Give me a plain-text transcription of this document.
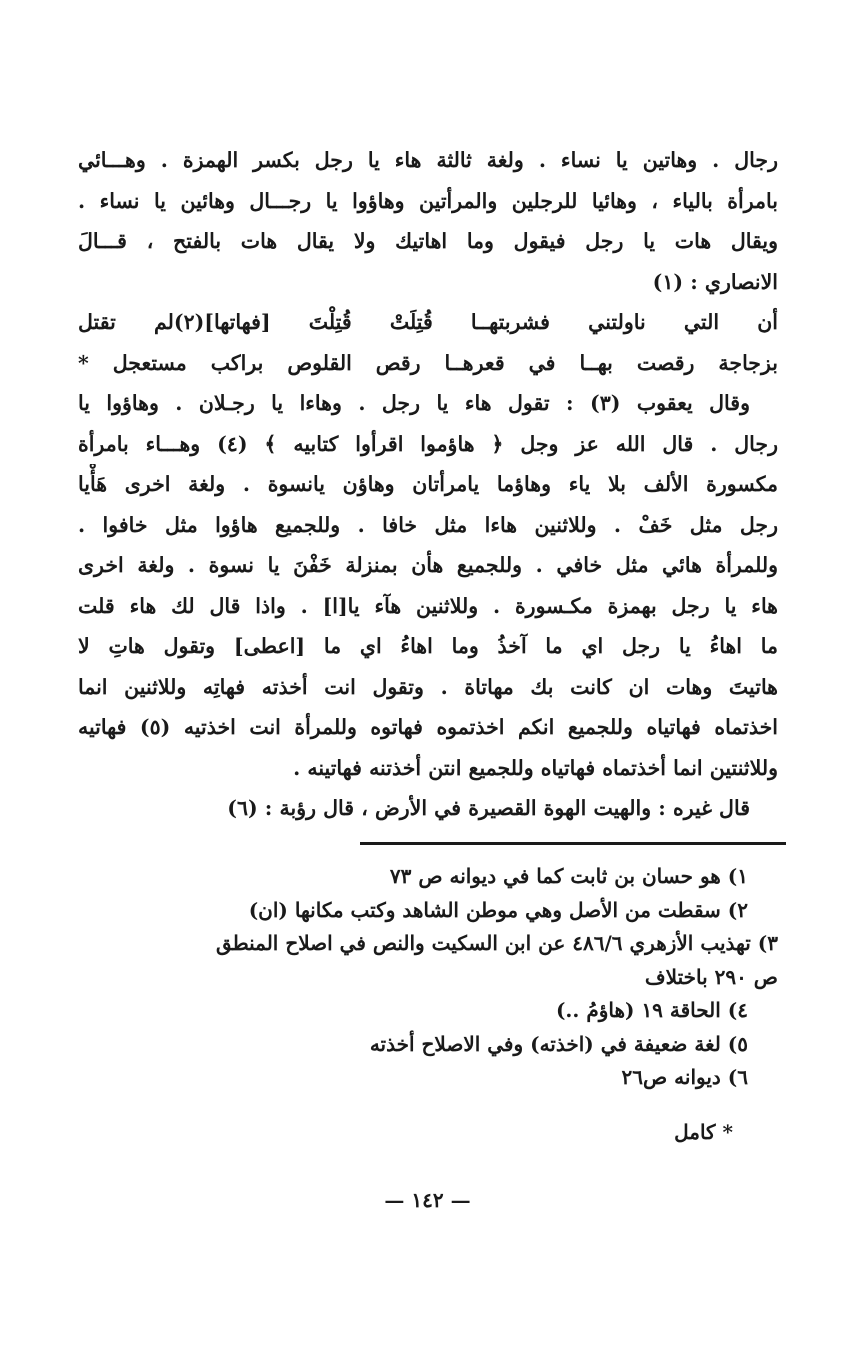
رجال . وهاتين يا نساء . ولغة ثالثة هاء يا رجل بكسر الهمزة . وهـــائي
بامرأة بالياء ، وهائيا للرجلين والمرأتين وهاؤوا يا رجـــال وهائين يا نساء .
ويقال هات يا رجل فيقول وما اهاتيك ولا يقال هات بالفتح ، قـــالَ
الانصاري : (١)
أن التي ناولتني فشربتهــا قُتِلَتْ قُتِلْتَ [فهاتها](٢)لم تقتل
بزجاجة رقصت بهــا في قعرهــا رقص القلوص براكب مستعجل *
وقال يعقوب (٣) : تقول هاء يا رجل . وهاءا يا رجـلان . وهاؤوا يا
رجال . قال الله عز وجل ﴿ هاؤموا اقرأوا كتابيه ﴾ (٤) وهـــاء بامرأة
مكسورة الألف بلا ياء وهاؤما يامرأتان وهاؤن يانسوة . ولغة اخرى هَأْيا
رجل مثل خَفْ . وللاثنين هاءا مثل خافا . وللجميع هاؤوا مثل خافوا .
وللمرأة هائي مثل خافي . وللجميع هأن بمنزلة خَفْنَ يا نسوة . ولغة اخرى
هاء يا رجل بهمزة مكـسورة . وللاثنين هآء يا[ا] . واذا قال لك هاء قلت
ما اهاءُ يا رجل اي ما آخذُ وما اهاءُ اي ما [اعطى] وتقول هاتِ لا
هاتيتَ وهات ان كانت بك مهاتاة . وتقول انت أخذته فهاتِه وللاثنين انما
اخذتماه فهاتياه وللجميع انكم اخذتموه فهاتوه وللمرأة انت اخذتيه (٥) فهاتيه
وللاثنتين انما أخذتماه فهاتياه وللجميع انتن أخذتنه فهاتينه .
قال غيره : والهيت الهوة القصيرة في الأرض ، قال رؤبة : (٦)
١) هو حسان بن ثابت كما في ديوانه ص ٧٣
٢) سقطت من الأصل وهي موطن الشاهد وكتب مكانها (ان)
٣) تهذيب الأزهري ٤٨٦/٦ عن ابن السكيت والنص في اصلاح المنطق
ص ٢٩٠ باختلاف
٤) الحاقة ١٩ (هاؤمُ ..)
٥) لغة ضعيفة في (اخذته) وفي الاصلاح أخذته
٦) ديوانه ص٢٦
* كامل
— ١٤٢ —
